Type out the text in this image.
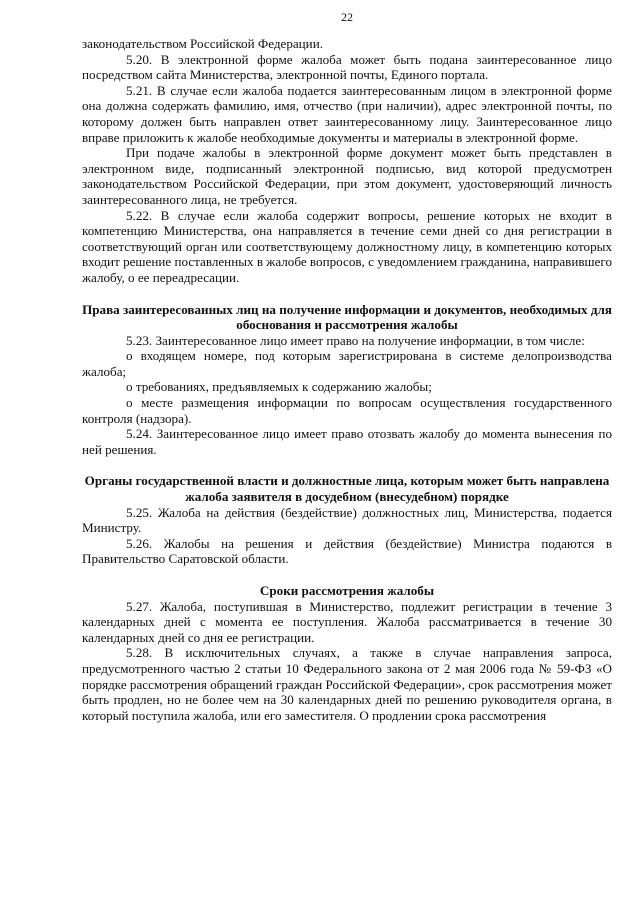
22

законодательством Российской Федерации.

5.20. В электронной форме жалоба может быть подана заинтересованное лицо посредством сайта Министерства, электронной почты, Единого портала.

5.21. В случае если жалоба подается заинтересованным лицом в электронной форме она должна содержать фамилию, имя, отчество (при наличии), адрес электронной почты, по которому должен быть направлен ответ заинтересованному лицу. Заинтересованное лицо вправе приложить к жалобе необходимые документы и материалы в электронной форме.

При подаче жалобы в электронной форме документ может быть представлен в электронном виде, подписанный электронной подписью, вид которой предусмотрен законодательством Российской Федерации, при этом документ, удостоверяющий личность заинтересованного лица, не требуется.

5.22. В случае если жалоба содержит вопросы, решение которых не входит в компетенцию Министерства, она направляется в течение семи дней со дня регистрации в соответствующий орган или соответствующему должностному лицу, в компетенцию которых входит решение поставленных в жалобе вопросов, с уведомлением гражданина, направившего жалобу, о ее переадресации.

Права заинтересованных лиц на получение информации и документов, необходимых для обоснования и рассмотрения жалобы

5.23. Заинтересованное лицо имеет право на получение информации, в том числе:

о входящем номере, под которым зарегистрирована в системе делопроизводства жалоба;

о требованиях, предъявляемых к содержанию жалобы;

о месте размещения информации по вопросам осуществления государственного контроля (надзора).

5.24. Заинтересованное лицо имеет право отозвать жалобу до момента вынесения по ней решения.

Органы государственной власти и должностные лица, которым может быть направлена жалоба заявителя в досудебном (внесудебном) порядке

5.25. Жалоба на действия (бездействие) должностных лиц, Министерства, подается Министру.

5.26. Жалобы на решения и действия (бездействие) Министра подаются в Правительство Саратовской области.

Сроки рассмотрения жалобы

5.27. Жалоба, поступившая в Министерство, подлежит регистрации в течение 3 календарных дней с момента ее поступления. Жалоба рассматривается в течение 30 календарных дней со дня ее регистрации.

5.28. В исключительных случаях, а также в случае направления запроса, предусмотренного частью 2 статьи 10 Федерального закона от 2 мая 2006 года № 59-ФЗ «О порядке рассмотрения обращений граждан Российской Федерации», срок рассмотрения может быть продлен, но не более чем на 30 календарных дней по решению руководителя органа, в который поступила жалоба, или его заместителя. О продлении срока рассмотрения
